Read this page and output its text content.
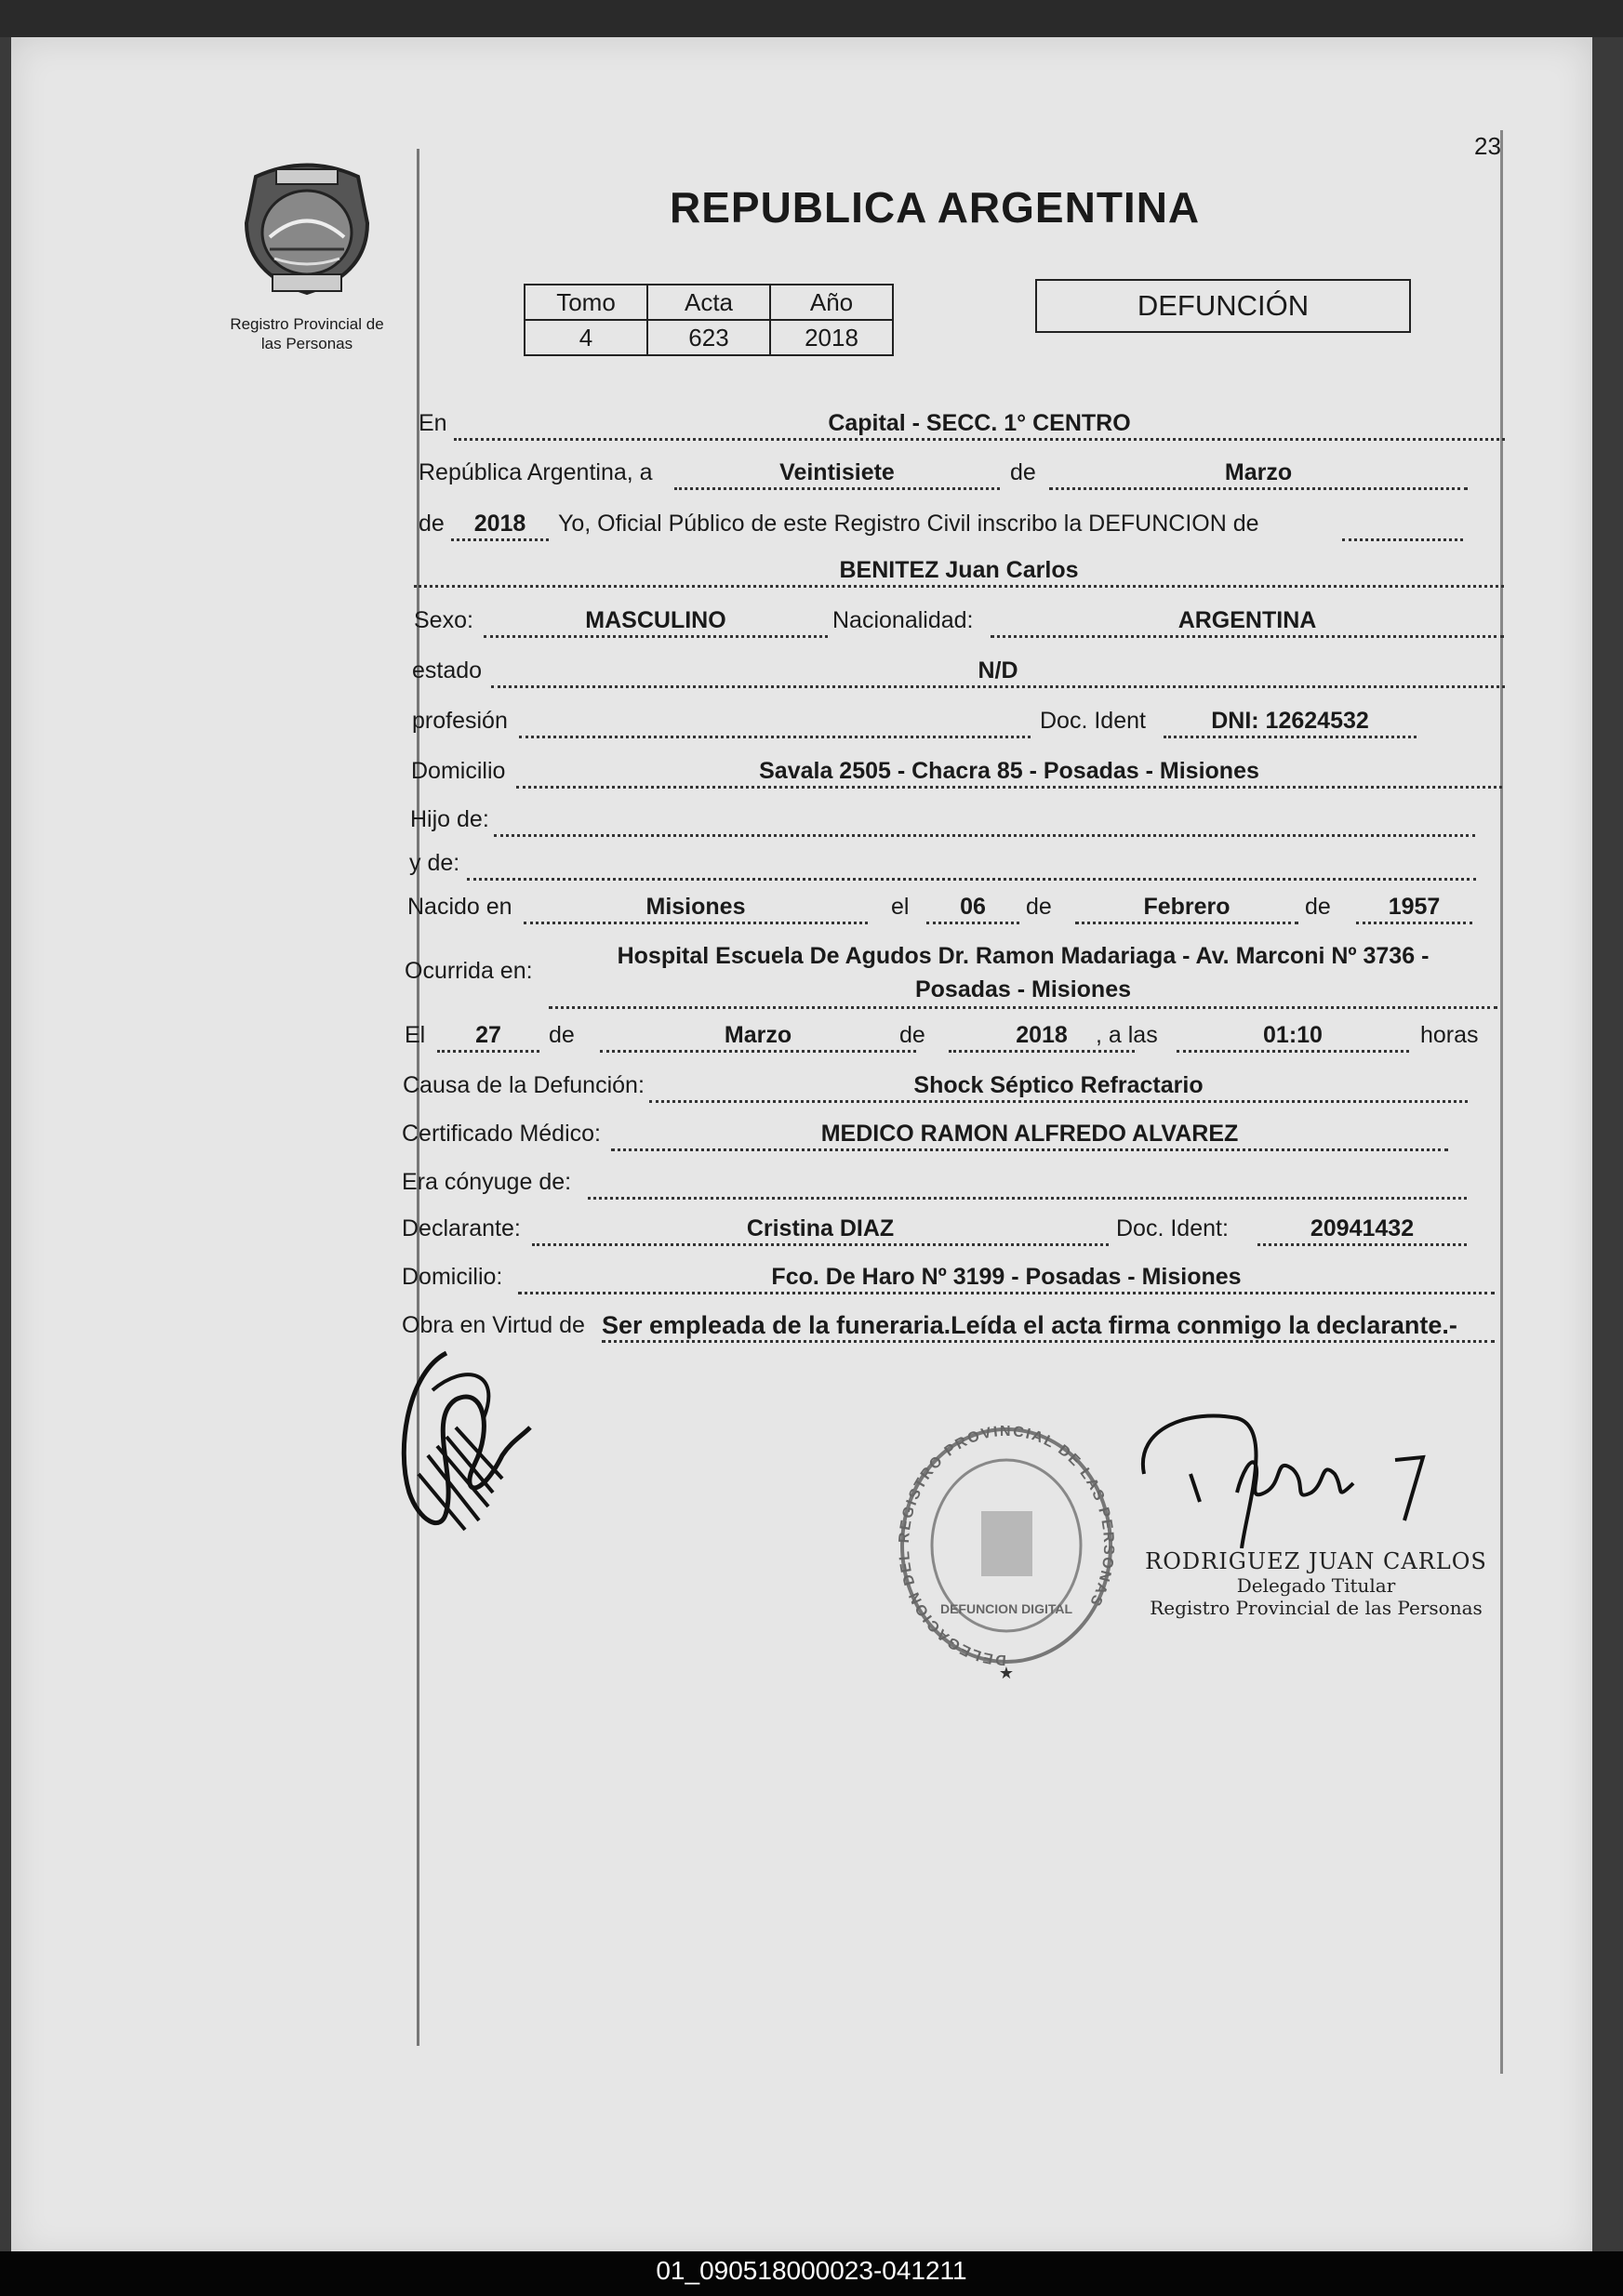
23
Registro Provincial de
las Personas
REPUBLICA ARGENTINA
Tomo	Acta	Año
4	623	2018
DEFUNCIÓN
En	Capital - SECC. 1° CENTRO
República Argentina, a	Veintisiete	de	Marzo
de	2018	Yo, Oficial Público de este Registro Civil inscribo la DEFUNCION de
BENITEZ Juan Carlos
Sexo:	MASCULINO	Nacionalidad:	ARGENTINA
estado	N/D
profesión	Doc. Ident	DNI: 12624532
Domicilio	Savala 2505 - Chacra 85 - Posadas - Misiones
Hijo de:
y de:
Nacido en	Misiones	el	06	de	Febrero	de	1957
Ocurrida en:
Hospital Escuela De Agudos Dr. Ramon Madariaga - Av. Marconi Nº 3736 -
Posadas - Misiones
El	27	de	Marzo	de	2018	, a las	01:10	horas
Causa de la Defunción:	Shock Séptico Refractario
Certificado Médico:	MEDICO RAMON ALFREDO ALVAREZ
Era cónyuge de:
Declarante:	Cristina DIAZ	Doc. Ident:	20941432
Domicilio:	Fco. De Haro Nº 3199 - Posadas - Misiones
Obra en Virtud de Ser empleada de la funeraria.Leída el acta firma conmigo la declarante.-
DELEGACION DEL REGISTRO PROVINCIAL DE LAS PERSONAS
DEFUNCION DIGITAL
★
RODRIGUEZ JUAN CARLOS
Delegado Titular
Registro Provincial de las Personas
01_090518000023-041211
